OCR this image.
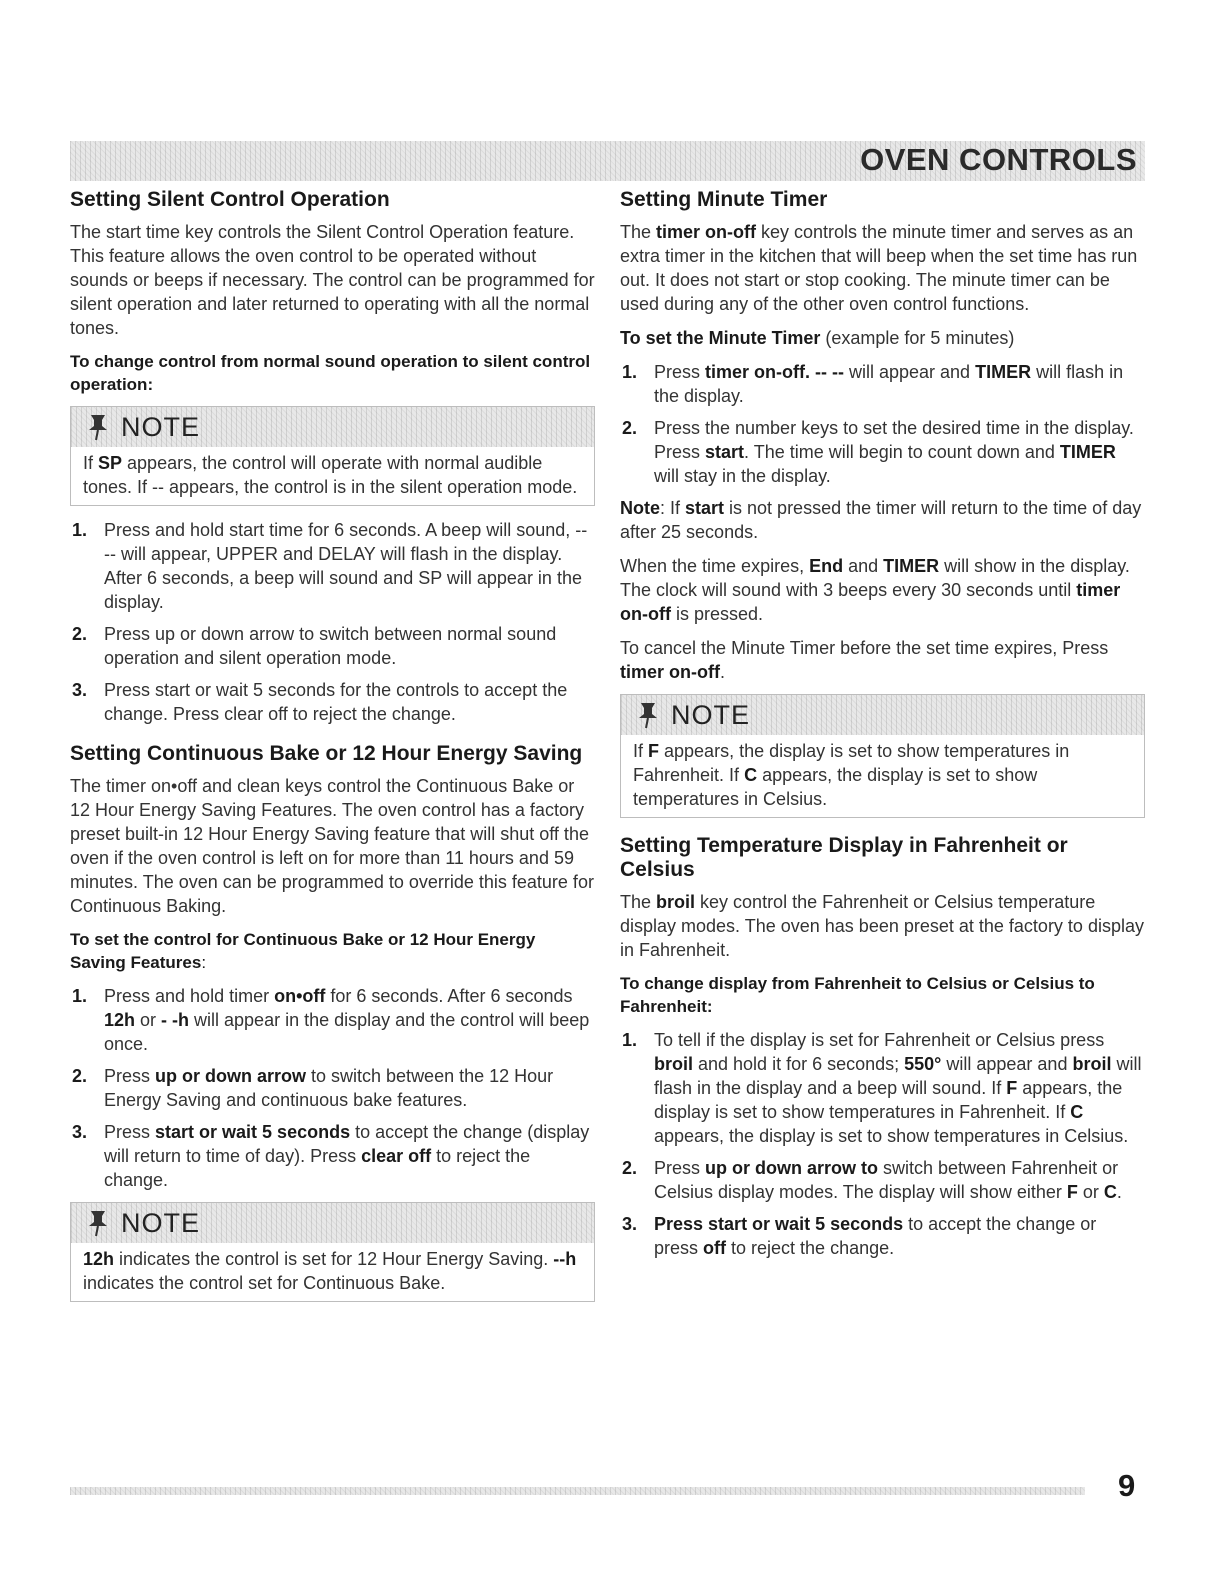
OVEN CONTROLS
Setting Silent Control Operation

The start time key controls the Silent Control Operation feature. This feature allows the oven control to be operated without sounds or beeps if necessary. The control can be programmed for silent operation and later returned to operating with all the normal tones.

To change control from normal sound operation to silent control operation:

NOTE
If SP appears, the control will operate with normal audible tones. If -- appears, the control is in the silent operation mode.
1. Press and hold start time for 6 seconds. A beep will sound, -- -- will appear, UPPER and DELAY will flash in the display. After 6 seconds, a beep will sound and SP will appear in the display.
2. Press up or down arrow to switch between normal sound operation and silent operation mode.
3. Press start or wait 5 seconds for the controls to accept the change. Press clear off to reject the change.
Setting Continuous Bake or 12 Hour Energy Saving

The timer on•off and clean keys control the Continuous Bake or 12 Hour Energy Saving Features. The oven control has a factory preset built-in 12 Hour Energy Saving feature that will shut off the oven if the oven control is left on for more than 11 hours and 59 minutes. The oven can be programmed to override this feature for Continuous Baking.

To set the control for Continuous Bake or 12 Hour Energy Saving Features:

1. Press and hold timer on•off for 6 seconds. After 6 seconds 12h or - -h will appear in the display and the control will beep once.
2. Press up or down arrow to switch between the 12 Hour Energy Saving and continuous bake features.
3. Press start or wait 5 seconds to accept the change (display will return to time of day). Press clear off to reject the change.
NOTE
12h indicates the control is set for 12 Hour Energy Saving. --h indicates the control set for Continuous Bake.
Setting Minute Timer

The timer on-off key controls the minute timer and serves as an extra timer in the kitchen that will beep when the set time has run out. It does not start or stop cooking. The minute timer can be used during any of the other oven control functions.

To set the Minute Timer (example for 5 minutes)

1. Press timer on-off. -- -- will appear and TIMER will flash in the display.
2. Press the number keys to set the desired time in the display. Press start. The time will begin to count down and TIMER will stay in the display.

Note: If start is not pressed the timer will return to the time of day after 25 seconds.

When the time expires, End and TIMER will show in the display. The clock will sound with 3 beeps every 30 seconds until timer on-off is pressed.

To cancel the Minute Timer before the set time expires, Press timer on-off.

NOTE
If F appears, the display is set to show temperatures in Fahrenheit. If C appears, the display is set to show temperatures in Celsius.
Setting Temperature Display in Fahrenheit or Celsius

The broil key control the Fahrenheit or Celsius temperature display modes. The oven has been preset at the factory to display in Fahrenheit.

To change display from Fahrenheit to Celsius or Celsius to Fahrenheit:

1. To tell if the display is set for Fahrenheit or Celsius press broil and hold it for 6 seconds; 550° will appear and broil will flash in the display and a beep will sound. If F appears, the display is set to show temperatures in Fahrenheit. If C appears, the display is set to show temperatures in Celsius.
2. Press up or down arrow to switch between Fahrenheit or Celsius display modes. The display will show either F or C.
3. Press start or wait 5 seconds to accept the change or press off to reject the change.
9
